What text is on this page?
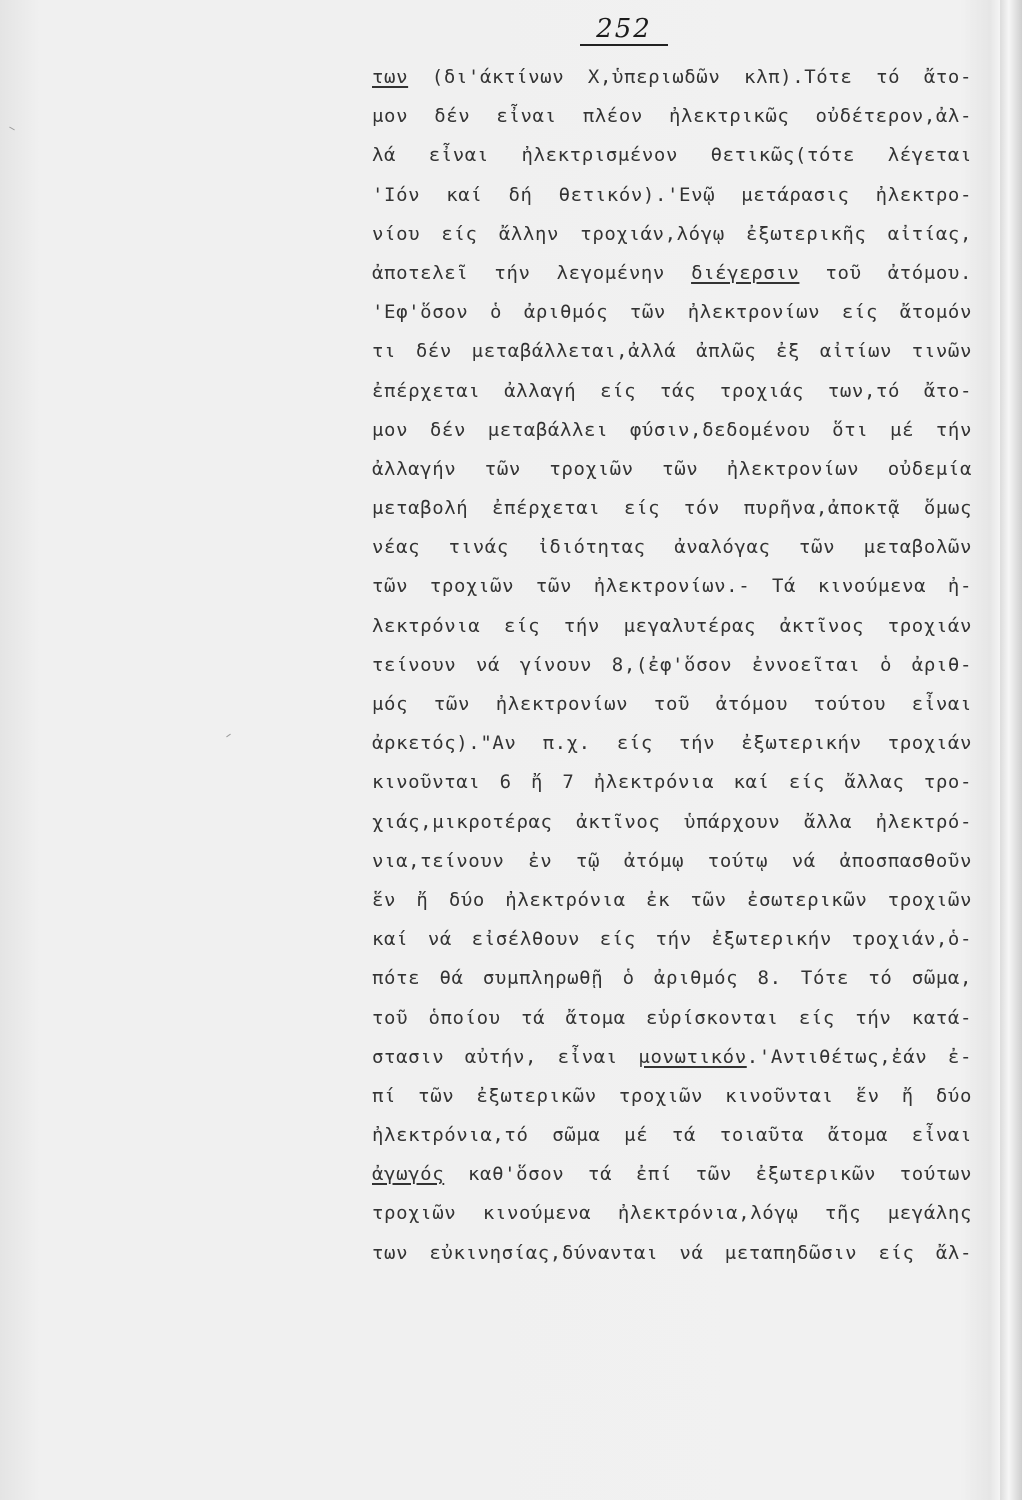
252
των (δι'άκτίνων Χ,ὑπεριωδῶν κλπ).Τότε τό ἄτο-
μον δέν εἶναι πλέον ἠλεκτρικῶς οὐδέτερον,ἀλ-
λά εἶναι ἠλεκτρισμένον θετικῶς(τότε λέγεται
'Ιόν καί δή θετικόν).'Ενῷ μετάρασις ἠλεκτρο-
νίου είς ἄλλην τροχιάν,λόγῳ ἐξωτερικῆς αἰτίας,
ἀποτελεῖ τήν λεγομένην διέγερσιν τοῦ ἀτόμου.
'Εφ'ὅσον ὁ ἀριθμός τῶν ἠλεκτρονίων είς ἄτομόν
τι δέν μεταβάλλεται,ἀλλά ἀπλῶς ἐξ αἰτίων τινῶν
ἐπέρχεται ἀλλαγή είς τάς τροχιάς των,τό ἄτο-
μον δέν μεταβάλλει φύσιν,δεδομένου ὅτι μέ τήν
ἀλλαγήν τῶν τροχιῶν τῶν ἠλεκτρονίων οὐδεμία
μεταβολή ἐπέρχεται είς τόν πυρῆνα,ἀποκτᾷ ὅμως
νέας τινάς ἰδιότητας ἀναλόγας τῶν μεταβολῶν
τῶν τροχιῶν τῶν ἠλεκτρονίων.- Τά κινούμενα ἠ-
λεκτρόνια είς τήν μεγαλυτέρας ἀκτῖνος τροχιάν
τείνουν νά γίνουν 8,(ἐφ'ὅσον ἐννοεῖται ὁ ἀριθ-
μός τῶν ἠλεκτρονίων τοῦ ἀτόμου τούτου εἶναι
ἀρκετός)."Αν π.χ. είς τήν ἐξωτερικήν τροχιάν
κινοῦνται 6 ἤ 7 ἠλεκτρόνια καί είς ἄλλας τρο-
χιάς,μικροτέρας ἀκτῖνος ὑπάρχουν ἄλλα ἠλεκτρό-
νια,τείνουν ἐν τῷ ἀτόμῳ τούτῳ νά ἀποσπασθοῦν
ἕν ἤ δύο ἠλεκτρόνια ἐκ τῶν ἐσωτερικῶν τροχιῶν
καί νά εἰσέλθουν είς τήν ἐξωτερικήν τροχιάν,ὁ-
πότε θά συμπληρωθῇ ὁ ἀριθμός 8. Τότε τό σῶμα,
τοῦ ὁποίου τά ἄτομα εὑρίσκονται είς τήν κατά-
στασιν αὐτήν, εἶναι μονωτικόν.'Αντιθέτως,ἐάν ἐ-
πί τῶν ἐξωτερικῶν τροχιῶν κινοῦνται ἕν ἤ δύο
ἠλεκτρόνια,τό σῶμα μέ τά τοιαῦτα ἄτομα εἶναι
ἀγωγός καθ'ὅσον τά ἐπί τῶν ἐξωτερικῶν τούτων
τροχιῶν κινούμενα ἠλεκτρόνια,λόγῳ τῆς μεγάλης
των εὐκινησίας,δύνανται νά μεταπηδῶσιν είς ἄλ-
